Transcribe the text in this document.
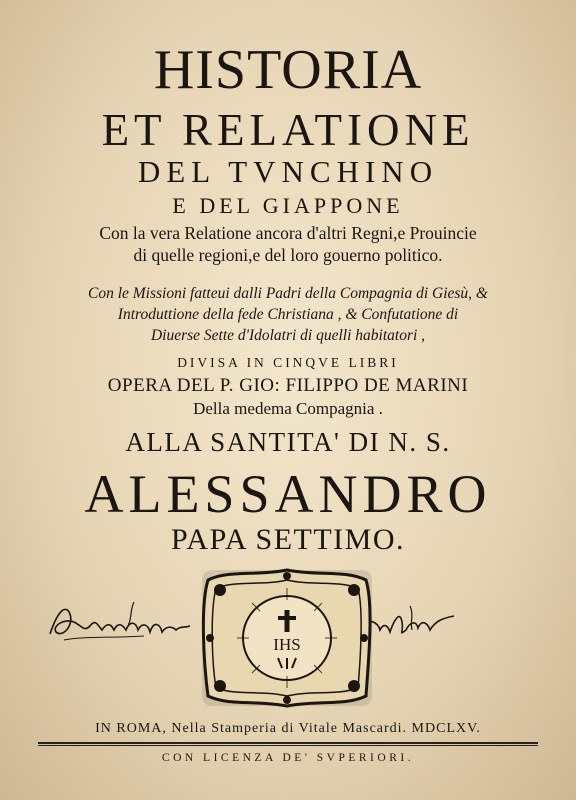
HISTORIA
ET RELATIONE
DEL TVNCHINO
E DEL GIAPPONE
Con la vera Relatione ancora d'altri Regni,e Prouincie
di quelle regioni,e del loro gouerno politico.
Con le Missioni fatteui dalli Padri della Compagnia di Giesù, &
Introduttione della fede Christiana , & Confutatione di
Diuerse Sette d'Idolatri di quelli habitatori ,
DIVISA IN CINQVE LIBRI
OPERA DEL P. GIO: FILIPPO DE MARINI
Della medema Compagnia .
ALLA SANTITA' DI N. S.
ALESSANDRO
PAPA SETTIMO.
IHS
IN ROMA, Nella Stamperia di Vitale Mascardi. MDCLXV.
CON LICENZA DE' SVPERIORI.
